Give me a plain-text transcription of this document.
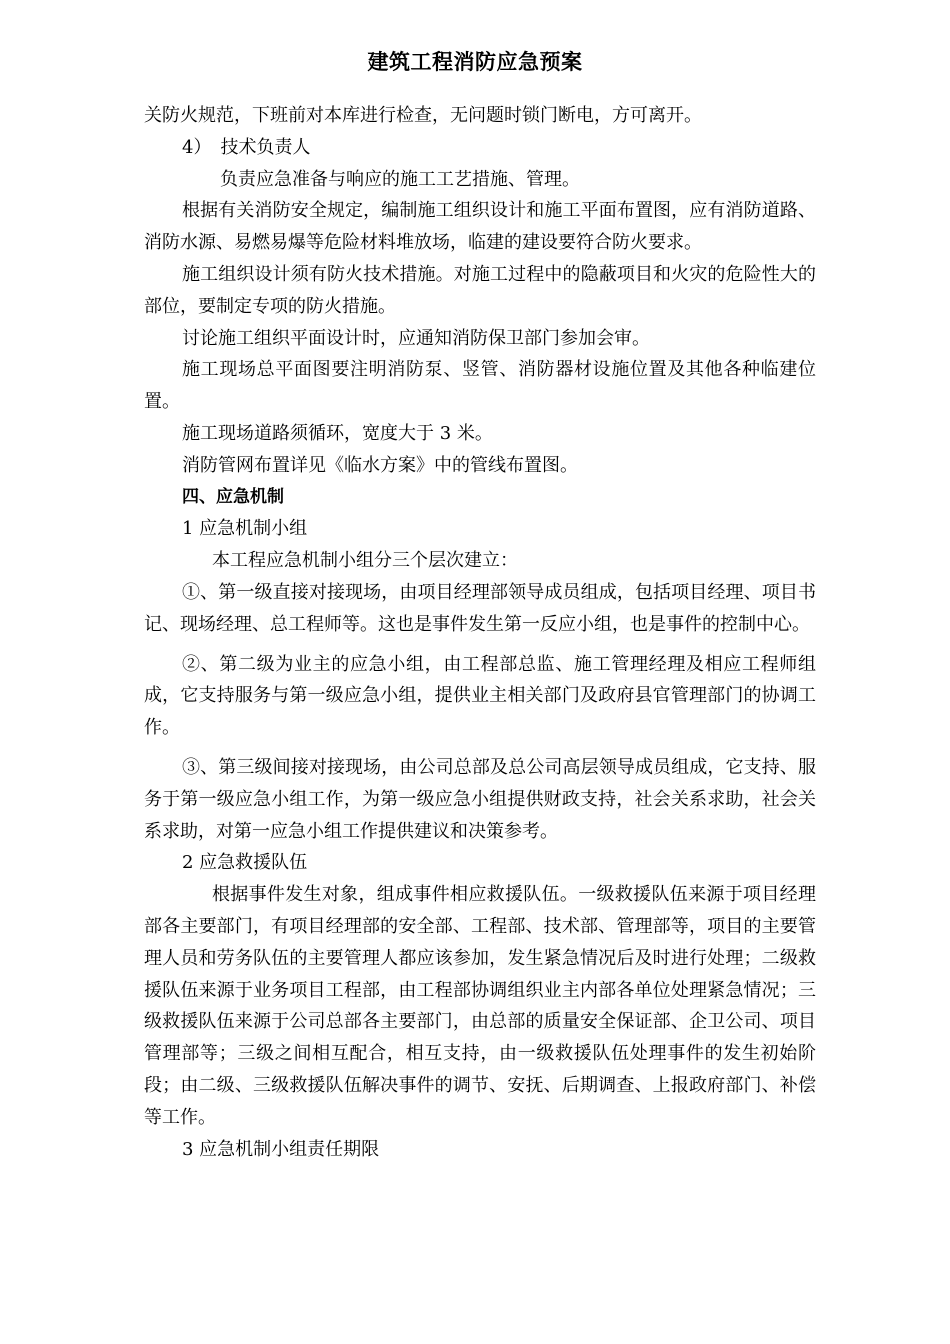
建筑工程消防应急预案

关防火规范，下班前对本库进行检查，无问题时锁门断电，方可离开。

4）　技术负责人

负责应急准备与响应的施工工艺措施、管理。

根据有关消防安全规定，编制施工组织设计和施工平面布置图，应有消防道路、消防水源、易燃易爆等危险材料堆放场，临建的建设要符合防火要求。

施工组织设计须有防火技术措施。对施工过程中的隐蔽项目和火灾的危险性大的部位，要制定专项的防火措施。

讨论施工组织平面设计时，应通知消防保卫部门参加会审。

施工现场总平面图要注明消防泵、竖管、消防器材设施位置及其他各种临建位置。

施工现场道路须循环，宽度大于 3 米。

消防管网布置详见《临水方案》中的管线布置图。

四、应急机制

1 应急机制小组

本工程应急机制小组分三个层次建立：

①、第一级直接对接现场，由项目经理部领导成员组成，包括项目经理、项目书记、现场经理、总工程师等。这也是事件发生第一反应小组，也是事件的控制中心。

②、第二级为业主的应急小组，由工程部总监、施工管理经理及相应工程师组成，它支持服务与第一级应急小组，提供业主相关部门及政府县官管理部门的协调工作。

③、第三级间接对接现场，由公司总部及总公司高层领导成员组成，它支持、服务于第一级应急小组工作，为第一级应急小组提供财政支持，社会关系求助，社会关系求助，对第一应急小组工作提供建议和决策参考。

2 应急救援队伍

根据事件发生对象，组成事件相应救援队伍。一级救援队伍来源于项目经理部各主要部门，有项目经理部的安全部、工程部、技术部、管理部等，项目的主要管理人员和劳务队伍的主要管理人都应该参加，发生紧急情况后及时进行处理；二级救援队伍来源于业务项目工程部，由工程部协调组织业主内部各单位处理紧急情况；三级救援队伍来源于公司总部各主要部门，由总部的质量安全保证部、企卫公司、项目管理部等；三级之间相互配合，相互支持，由一级救援队伍处理事件的发生初始阶段；由二级、三级救援队伍解决事件的调节、安抚、后期调查、上报政府部门、补偿等工作。

3 应急机制小组责任期限
